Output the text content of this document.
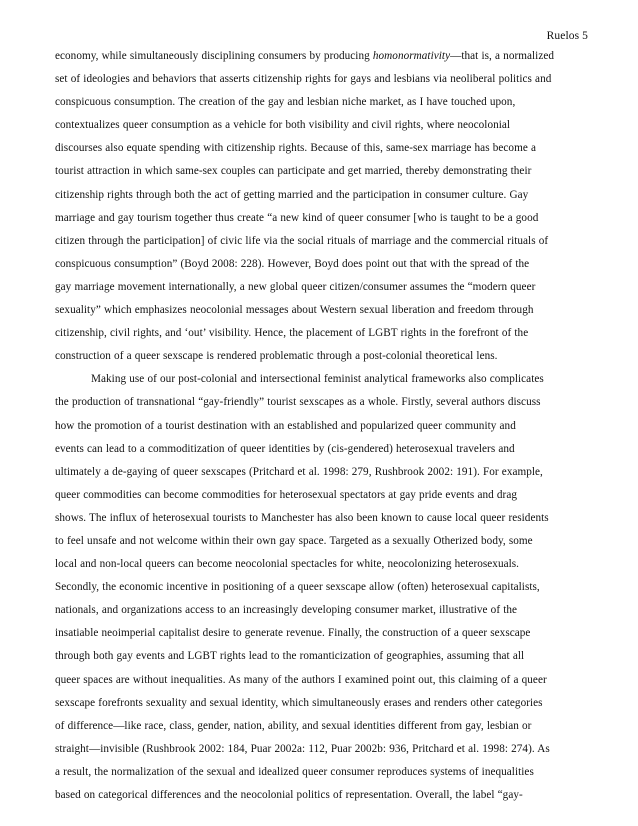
Ruelos 5
economy, while simultaneously disciplining consumers by producing homonormativity—that is, a normalized
set of ideologies and behaviors that asserts citizenship rights for gays and lesbians via neoliberal politics and
conspicuous consumption. The creation of the gay and lesbian niche market, as I have touched upon,
contextualizes queer consumption as a vehicle for both visibility and civil rights, where neocolonial
discourses also equate spending with citizenship rights. Because of this, same-sex marriage has become a
tourist attraction in which same-sex couples can participate and get married, thereby demonstrating their
citizenship rights through both the act of getting married and the participation in consumer culture. Gay
marriage and gay tourism together thus create “a new kind of queer consumer [who is taught to be a good
citizen through the participation] of civic life via the social rituals of marriage and the commercial rituals of
conspicuous consumption” (Boyd 2008: 228). However, Boyd does point out that with the spread of the
gay marriage movement internationally, a new global queer citizen/consumer assumes the “modern queer
sexuality” which emphasizes neocolonial messages about Western sexual liberation and freedom through
citizenship, civil rights, and ‘out’ visibility. Hence, the placement of LGBT rights in the forefront of the
construction of a queer sexscape is rendered problematic through a post-colonial theoretical lens.
Making use of our post-colonial and intersectional feminist analytical frameworks also complicates
the production of transnational “gay-friendly” tourist sexscapes as a whole. Firstly, several authors discuss
how the promotion of a tourist destination with an established and popularized queer community and
events can lead to a commoditization of queer identities by (cis-gendered) heterosexual travelers and
ultimately a de-gaying of queer sexscapes (Pritchard et al. 1998: 279, Rushbrook 2002: 191). For example,
queer commodities can become commodities for heterosexual spectators at gay pride events and drag
shows. The influx of heterosexual tourists to Manchester has also been known to cause local queer residents
to feel unsafe and not welcome within their own gay space. Targeted as a sexually Otherized body, some
local and non-local queers can become neocolonial spectacles for white, neocolonizing heterosexuals.
Secondly, the economic incentive in positioning of a queer sexscape allow (often) heterosexual capitalists,
nationals, and organizations access to an increasingly developing consumer market, illustrative of the
insatiable neoimperial capitalist desire to generate revenue. Finally, the construction of a queer sexscape
through both gay events and LGBT rights lead to the romanticization of geographies, assuming that all
queer spaces are without inequalities. As many of the authors I examined point out, this claiming of a queer
sexscape forefronts sexuality and sexual identity, which simultaneously erases and renders other categories
of difference—like race, class, gender, nation, ability, and sexual identities different from gay, lesbian or
straight—invisible (Rushbrook 2002: 184, Puar 2002a: 112, Puar 2002b: 936, Pritchard et al. 1998: 274). As
a result, the normalization of the sexual and idealized queer consumer reproduces systems of inequalities
based on categorical differences and the neocolonial politics of representation. Overall, the label “gay-
